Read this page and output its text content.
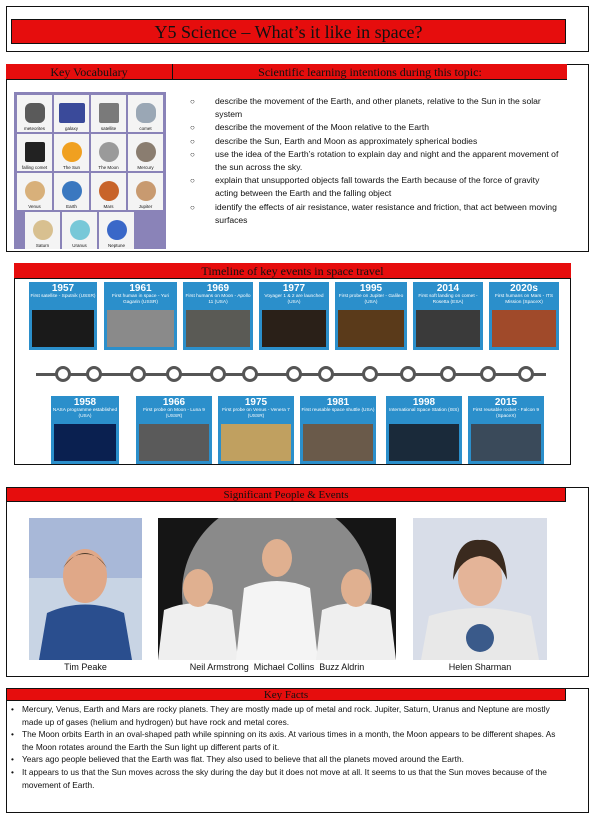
Y5 Science – What’s it like in space?
Key Vocabulary	Scientific learning intentions during this topic:
meteorites	galaxy	satellite	comet
falling comet	The Sun	The Moon	Mercury
Venus	Earth	Mars	Jupiter
Saturn	Uranus	Neptune
○ describe the movement of the Earth, and other planets, relative to the Sun in the solar system
○ describe the movement of the Moon relative to the Earth
○ describe the Sun, Earth and Moon as approximately spherical bodies
○ use the idea of the Earth’s rotation to explain day and night and the apparent movement of the sun across the sky.
○ explain that unsupported objects fall towards the Earth because of the force of gravity acting between the Earth and the falling object
○ identify the effects of air resistance, water resistance and friction, that act between moving surfaces
Timeline of key events in space travel
1957
First satellite - Sputnik (USSR)
1961
First human in space - Yuri Gagarin (USSR)
1969
First humans on Moon - Apollo 11 (USA)
1977
Voyager 1 & 2 are launched (USA)
1995
First probe on Jupiter - Galileo (USA)
2014
First soft landing on comet - Rosetta (ESA)
2020s
First humans on Mars - ITS Mission (SpaceX)
1958
NASA programme established (USA)
1966
First probe on Moon - Luna 9 (USSR)
1975
First probe on Venus - Venera 7 (USSR)
1981
First reusable space shuttle (USA)
1998
International Space Station (ISS)
2015
First reusable rocket - Falcon 9 (SpaceX)
Significant People & Events
Tim Peake	Neil Armstrong  Michael Collins  Buzz Aldrin	Helen Sharman
Key Facts
• Mercury, Venus, Earth and Mars are rocky planets. They are mostly made up of metal and rock. Jupiter, Saturn, Uranus and Neptune are mostly made up of gases (helium and hydrogen) but have rock and metal cores.
• The Moon orbits Earth in an oval-shaped path while spinning on its axis. At various times in a month, the Moon appears to be different shapes. As the Moon rotates around the Earth the Sun light up different parts of it.
• Years ago people believed that the Earth was flat. They also used to believe that all the planets moved around the Earth.
• It appears to us that the Sun moves across the sky during the day but it does not move at all. It seems to us that the Sun moves because of the movement of Earth.
